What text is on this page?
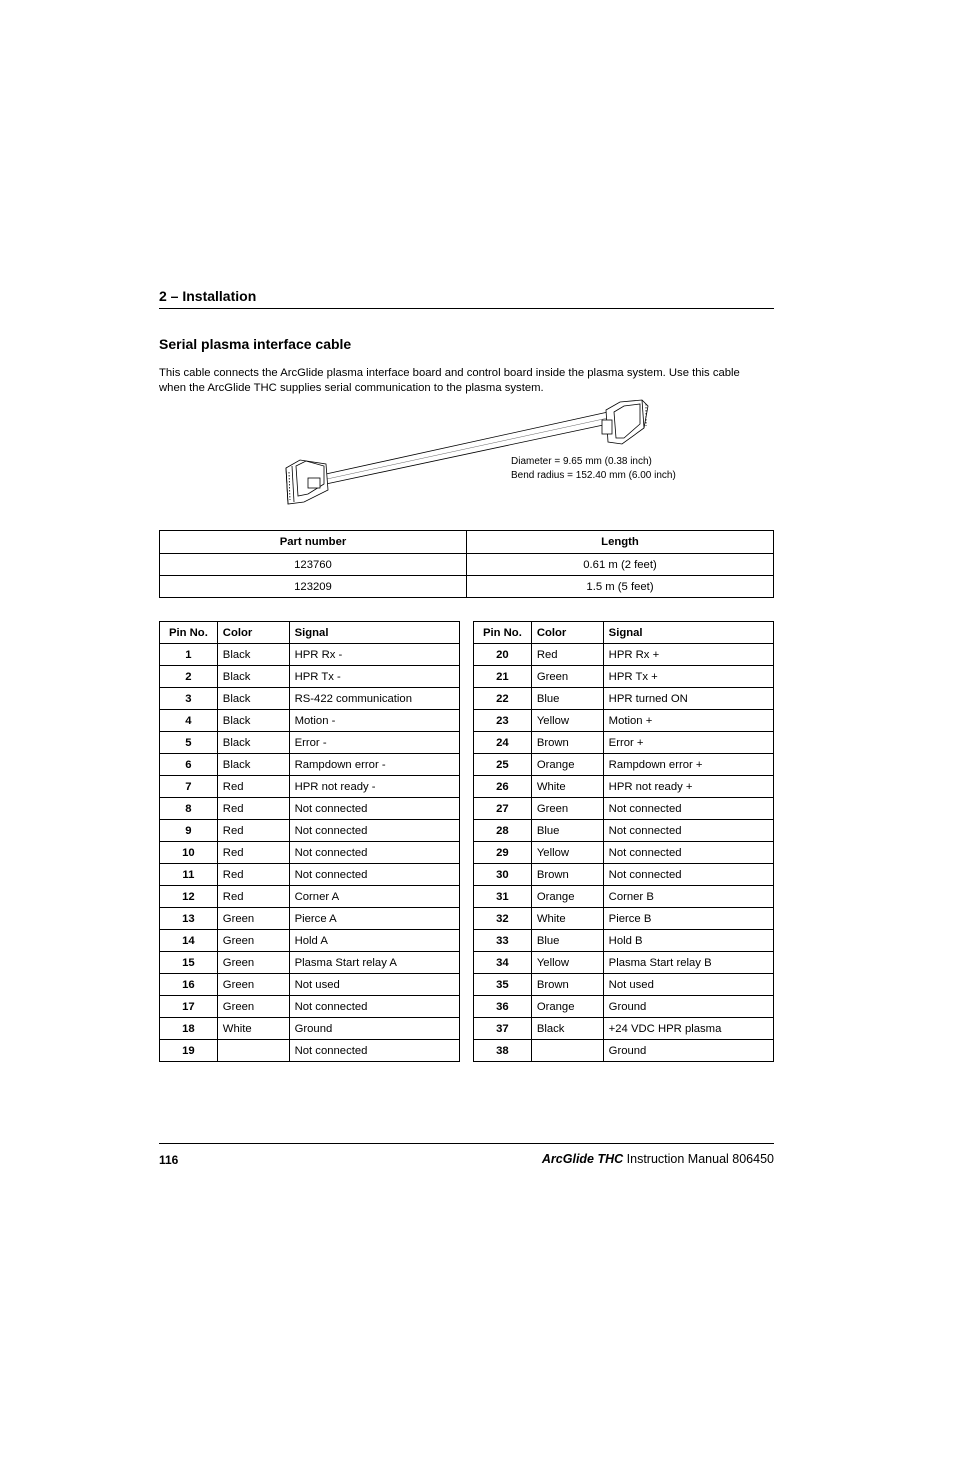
2 – Installation
Serial plasma interface cable
This cable connects the ArcGlide plasma interface board and control board inside the plasma system. Use this cable
when the ArcGlide THC supplies serial communication to the plasma system.
Diameter = 9.65 mm (0.38 inch)
Bend radius = 152.40 mm (6.00 inch)
Part number	Length
123760	0.61 m (2 feet)
123209	1.5 m (5 feet)
Pin No.	Color	Signal
1	Black	HPR Rx -
2	Black	HPR Tx -
3	Black	RS-422 communication
4	Black	Motion -
5	Black	Error -
6	Black	Rampdown error -
7	Red	HPR not ready -
8	Red	Not connected
9	Red	Not connected
10	Red	Not connected
11	Red	Not connected
12	Red	Corner A
13	Green	Pierce A
14	Green	Hold A
15	Green	Plasma Start relay A
16	Green	Not used
17	Green	Not connected
18	White	Ground
19		Not connected
Pin No.	Color	Signal
20	Red	HPR Rx +
21	Green	HPR Tx +
22	Blue	HPR turned ON
23	Yellow	Motion +
24	Brown	Error +
25	Orange	Rampdown error +
26	White	HPR not ready +
27	Green	Not connected
28	Blue	Not connected
29	Yellow	Not connected
30	Brown	Not connected
31	Orange	Corner B
32	White	Pierce B
33	Blue	Hold B
34	Yellow	Plasma Start relay B
35	Brown	Not used
36	Orange	Ground
37	Black	+24 VDC HPR plasma
38		Ground
116	ArcGlide THC Instruction Manual 806450
